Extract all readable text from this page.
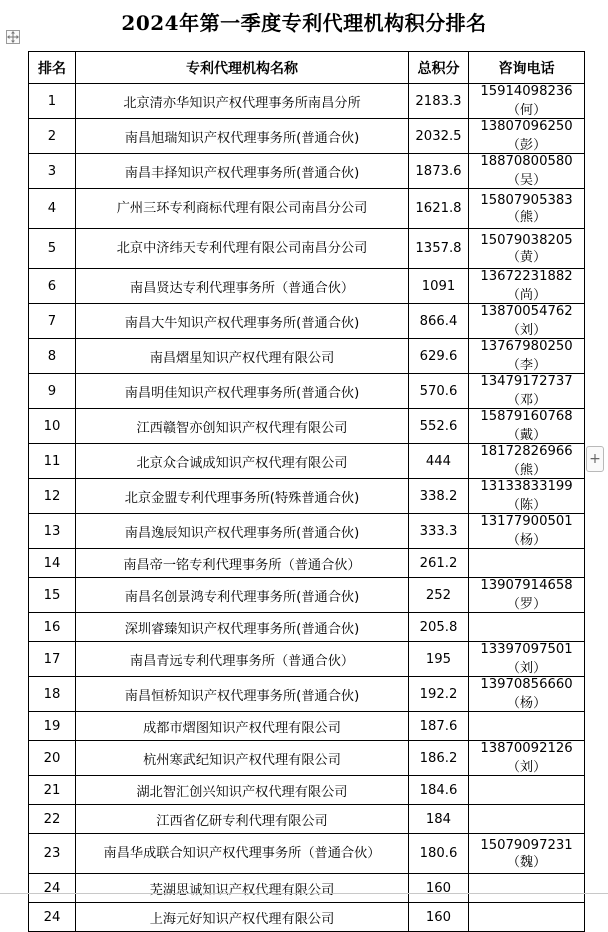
2024年第一季度专利代理机构积分排名
排名	专利代理机构名称	总积分	咨询电话
1	北京清亦华知识产权代理事务所南昌分所	2183.3	15914098236（何）
2	南昌旭瑞知识产权代理事务所(普通合伙)	2032.5	13807096250（彭）
3	南昌丰择知识产权代理事务所(普通合伙)	1873.6	18870800580（吴）
4	广州三环专利商标代理有限公司南昌分公司	1621.8	15807905383（熊）
5	北京中济纬天专利代理有限公司南昌分公司	1357.8	15079038205（黄）
6	南昌贤达专利代理事务所（普通合伙）	1091	13672231882（尚）
7	南昌大牛知识产权代理事务所(普通合伙)	866.4	13870054762（刘）
8	南昌熠星知识产权代理有限公司	629.6	13767980250（李）
9	南昌明佳知识产权代理事务所(普通合伙)	570.6	13479172737（邓）
10	江西赣智亦创知识产权代理有限公司	552.6	15879160768（戴）
11	北京众合诚成知识产权代理有限公司	444	18172826966（熊）
12	北京金盟专利代理事务所(特殊普通合伙)	338.2	13133833199（陈）
13	南昌逸辰知识产权代理事务所(普通合伙)	333.3	13177900501（杨）
14	南昌帝一铭专利代理事务所（普通合伙）	261.2	
15	南昌名创景鸿专利代理事务所(普通合伙)	252	13907914658（罗）
16	深圳睿臻知识产权代理事务所(普通合伙)	205.8	
17	南昌青远专利代理事务所（普通合伙）	195	13397097501（刘）
18	南昌恒桥知识产权代理事务所(普通合伙)	192.2	13970856660（杨）
19	成都市熠图知识产权代理有限公司	187.6	
20	杭州寒武纪知识产权代理有限公司	186.2	13870092126（刘）
21	湖北智汇创兴知识产权代理有限公司	184.6	
22	江西省亿研专利代理有限公司	184	
23	南昌华成联合知识产权代理事务所（普通合伙）	180.6	15079097231（魏）
24	芜湖思诚知识产权代理有限公司	160	
24	上海元好知识产权代理有限公司	160	
+
